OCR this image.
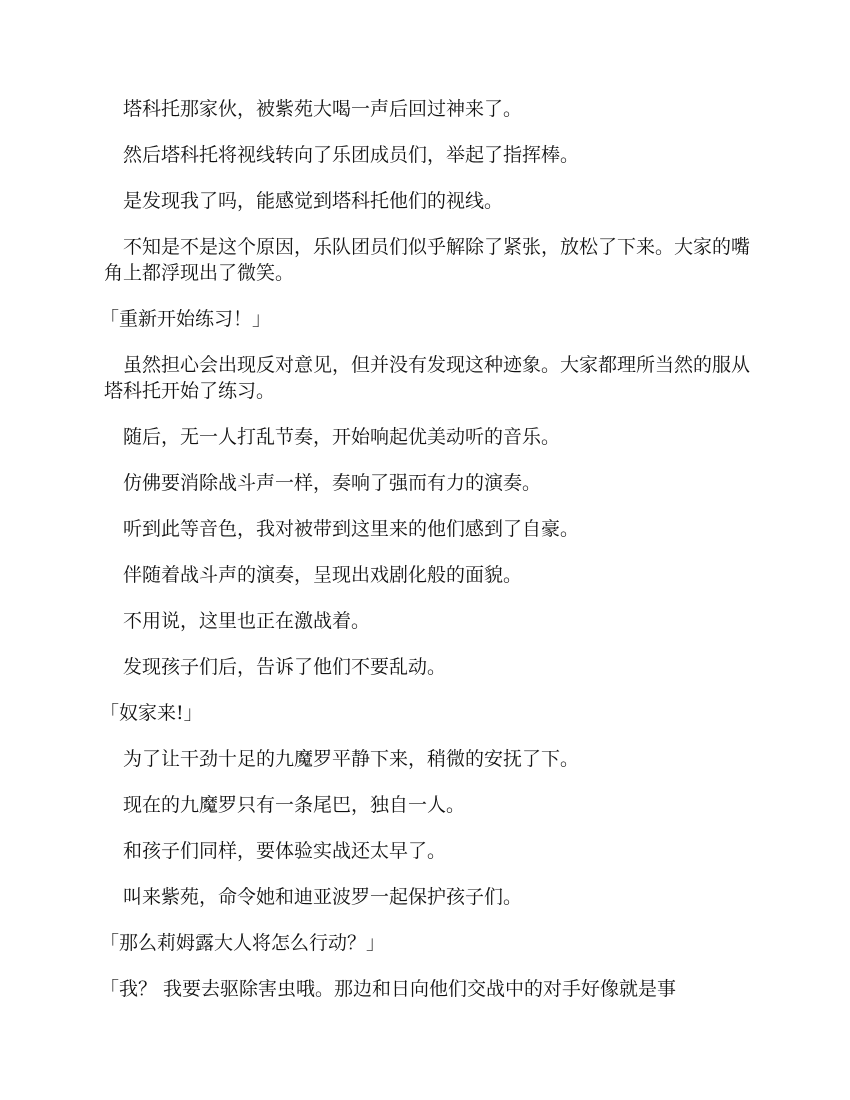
塔科托那家伙，被紫苑大喝一声后回过神来了。

然后塔科托将视线转向了乐团成员们，举起了指挥棒。

是发现我了吗，能感觉到塔科托他们的视线。

不知是不是这个原因，乐队团员们似乎解除了紧张，放松了下来。大家的嘴角上都浮现出了微笑。

「重新开始练习！」

虽然担心会出现反对意见，但并没有发现这种迹象。大家都理所当然的服从塔科托开始了练习。

随后，无一人打乱节奏，开始响起优美动听的音乐。

仿佛要消除战斗声一样，奏响了强而有力的演奏。

听到此等音色，我对被带到这里来的他们感到了自豪。

伴随着战斗声的演奏，呈现出戏剧化般的面貌。

不用说，这里也正在激战着。

发现孩子们后，告诉了他们不要乱动。

「奴家来!」

为了让干劲十足的九魔罗平静下来，稍微的安抚了下。

现在的九魔罗只有一条尾巴，独自一人。

和孩子们同样，要体验实战还太早了。

叫来紫苑，命令她和迪亚波罗一起保护孩子们。

「那么莉姆露大人将怎么行动？」

「我？ 我要去驱除害虫哦。那边和日向他们交战中的对手好像就是事
